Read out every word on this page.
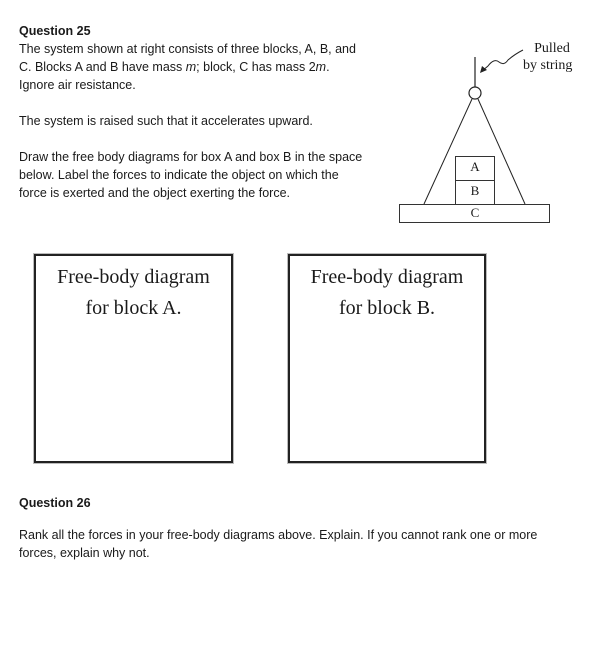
Question 25
The system shown at right consists of three blocks, A, B, and
C. Blocks A and B have mass m; block, C has mass 2m.
Ignore air resistance.
The system is raised such that it accelerates upward.
Draw the free body diagrams for box A and box B in the space
below. Label the forces to indicate the object on which the
force is exerted and the object exerting the force.
Pulled
by string
A
B
C
Free-body diagram
for block A.
Free-body diagram
for block B.
Question 26
Rank all the forces in your free-body diagrams above. Explain. If you cannot rank one or more
forces, explain why not.
